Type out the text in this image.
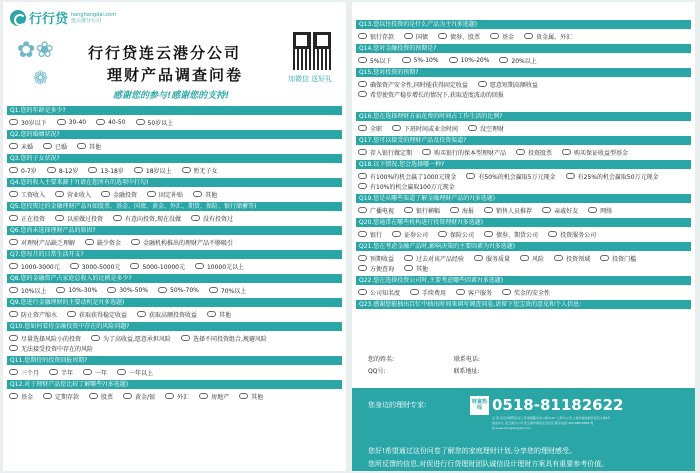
行行贷 hanghangdai.com
连云港分公司
✿❀
❁
行行贷连云港分公司
理财产品调查问卷
感谢您的参与!感谢您的支持!
加微信 送好礼
Q1.您的年龄是多少?
30岁以下	30-40	40-50	50岁以上
Q2.您的婚姻状况?
未婚	已婚	其他
Q3.您的子女状况?
0-7岁	8-12岁	13-18岁	18岁以上	暂无子女
Q4.您的收入主要来源于?(请在您所有的选项中打勾)
工资收入	营业收入	金融投资	固定补贴	其他
Q5.您投资过的金融理财产品?(如股票、基金、国债、黄金、外汇、期货、保险、银行储蓄等)
正在投资	以前做过投资	有意向投资,现在没做	没有投资过
Q6.您尚未选择理财产品的原因?
对理财产品缺乏理解	缺少资金	金融机构推出的理财产品不够吸引
Q7.您每月的日常生活开支?
1000-3000元	3000-5000元	5000-10000元	10000元以上
Q8.您的金融资产占家庭总收入的比例是多少?
10%以上	10%-30%	30%-50%	50%-70%	70%以上
Q9.您进行金融理财的主要动机是?(多选题)
防止资产缩水	获取获得稳定收益	获取高额投资收益	其他
Q10.您如何看待金融投资中存在的风险问题?
尽量选择风险小的投资	为了高收益,愿意承担风险	选择不同投资组合,规避风险
无法接受投资中存在的风险
Q11.您期待的投资回报周期?
三个月	半年	一年	一年以上
Q12.对于理财产品您比较了解哪些?(多选题)
基金	定期存款	股票	黄金/银	外汇	房地产	其他
Q13.您以往投资的是什么产品为主?(多选题)
银行存款	国债	债券、股票	基金	贵金属、外汇
Q14.您对金融投资的预期是?
5%以下	5%-10%	10%-20%	20%以上
Q15.您对投资的预期?
确保资产安全性,同时能获得固定收益	愿意短期高额收益
希望使资产稳步增长的情况下,获取适度波动的回报
Q16.您在选择理财方面花费的时间占工作生活的比例?
全职	下班时间或业余时间	没空理财
Q17.您可以接受的理财产品及投资渠道?
存入银行做定期	购买银行的保本型理财产品	投资股票	购买保证收益型基金
Q18.以下情况,您会选择哪一种?
有100%的机会赢了1000元现金	有50%的机会赢取5万元现金	有25%的机会赢取50万元现金
有10%的机会赢取100万元现金
Q19.您是从哪些渠道了解金融理财产品的?(多选题)
广播电视	银行横幅	海报	销售人员推荐	亲戚好友	网络
Q20.您通常在哪些机构进行投资理财?(多选题)
银行	证券公司	保险公司	债券、期货公司	投资服务公司
Q21.您在考虑金融产品时,影响决策的主要因素为?(多选题)
预期收益	过去对该产品经验	服务质量	风险	投资领域	投资门槛
方便查询	其他
Q22.您在选择投资公司时,主要考虑哪些因素?(多选题)
公司知名度	手续费用	客户服务	奖金的安全性
Q23.感谢您能抽出百忙中抽出时间来填写调查问卷,请留下您宝贵的意见和个人信息:
您的姓名:	联系电话:
QQ号:	联系地址:
您身边的理财专家:	财富热线 0518-81182622
总 部:北京市朝阳区东三环建国路中央公园1107 上海分公司:上海市浦东新区世纪大道8号国金中心 连云港分公司:连云港市海州区市区区 联系电话:400-888-8888 网址:www.hanghangdai.com
您好!希望通过这份问卷了解您的家庭理财计划,分享您的理财感受。
您所反馈的信息,对促进行行贷理财团队诚信设计理财方案具有重要参考价值。
